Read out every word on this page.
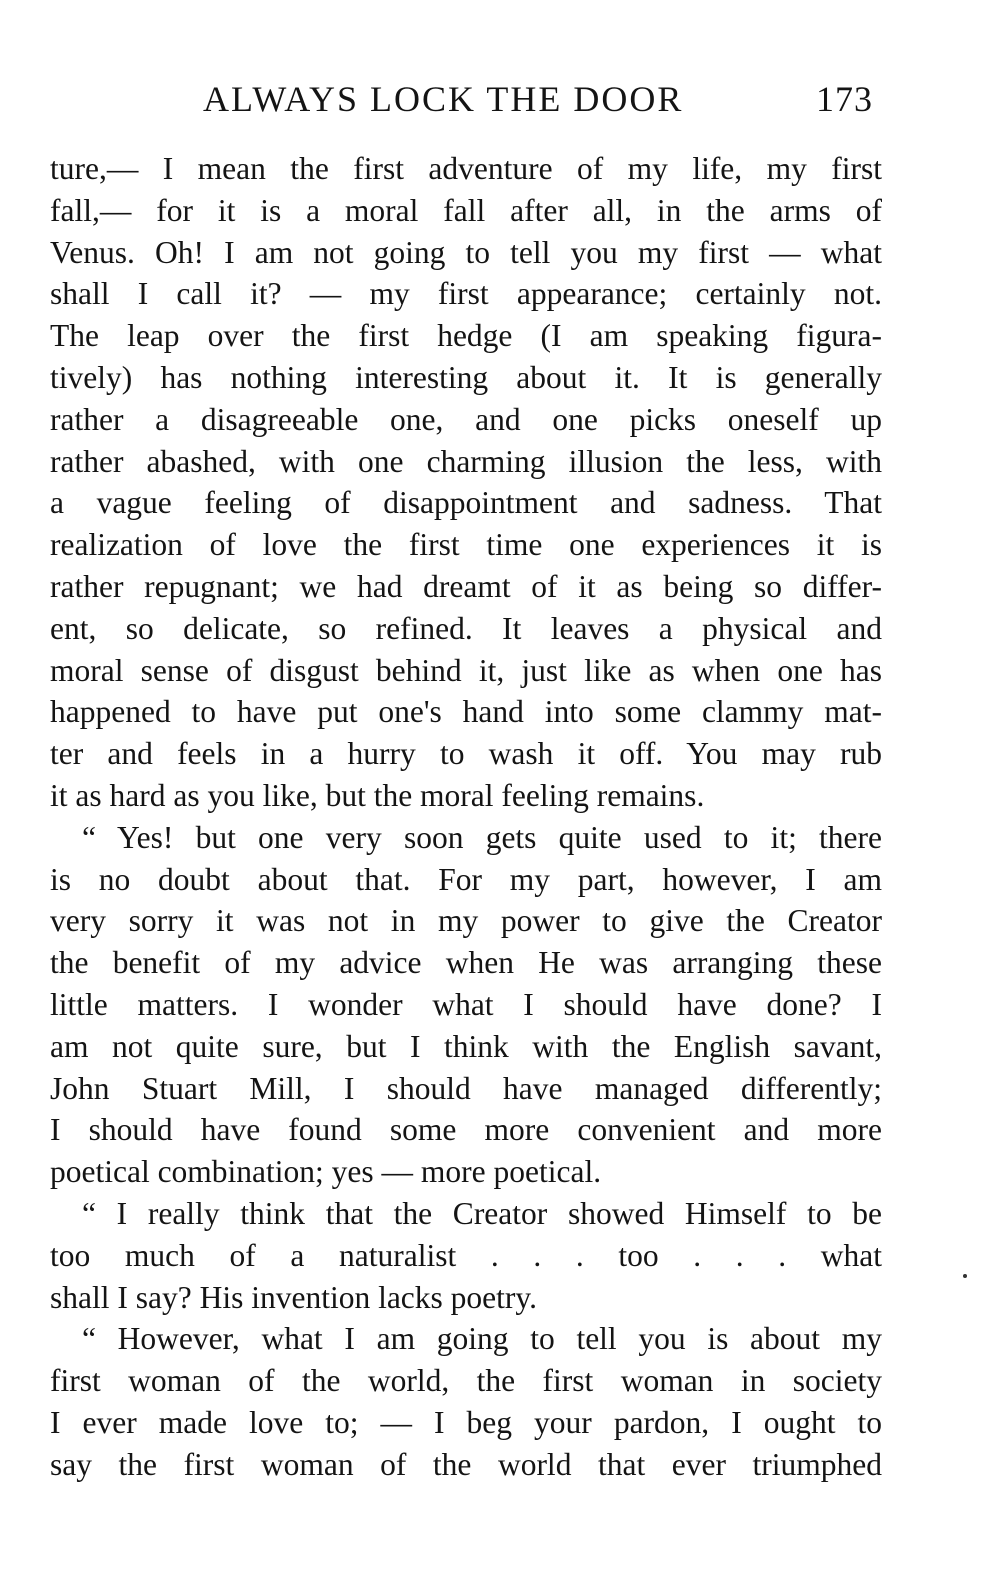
ALWAYS LOCK THE DOOR	173
ture,— I mean the first adventure of my life, my first
fall,— for it is a moral fall after all, in the arms of
Venus. Oh! I am not going to tell you my first — what
shall I call it? — my first appearance; certainly not.
The leap over the first hedge (I am speaking figura-
tively) has nothing interesting about it. It is generally
rather a disagreeable one, and one picks oneself up
rather abashed, with one charming illusion the less, with
a vague feeling of disappointment and sadness. That
realization of love the first time one experiences it is
rather repugnant; we had dreamt of it as being so differ-
ent, so delicate, so refined. It leaves a physical and
moral sense of disgust behind it, just like as when one has
happened to have put one's hand into some clammy mat-
ter and feels in a hurry to wash it off. You may rub
it as hard as you like, but the moral feeling remains.
“ Yes! but one very soon gets quite used to it; there
is no doubt about that. For my part, however, I am
very sorry it was not in my power to give the Creator
the benefit of my advice when He was arranging these
little matters. I wonder what I should have done? I
am not quite sure, but I think with the English savant,
John Stuart Mill, I should have managed differently;
I should have found some more convenient and more
poetical combination; yes — more poetical.
“ I really think that the Creator showed Himself to be
too much of a naturalist . . . too . . . what
shall I say? His invention lacks poetry.
“ However, what I am going to tell you is about my
first woman of the world, the first woman in society
I ever made love to; — I beg your pardon, I ought to
say the first woman of the world that ever triumphed
